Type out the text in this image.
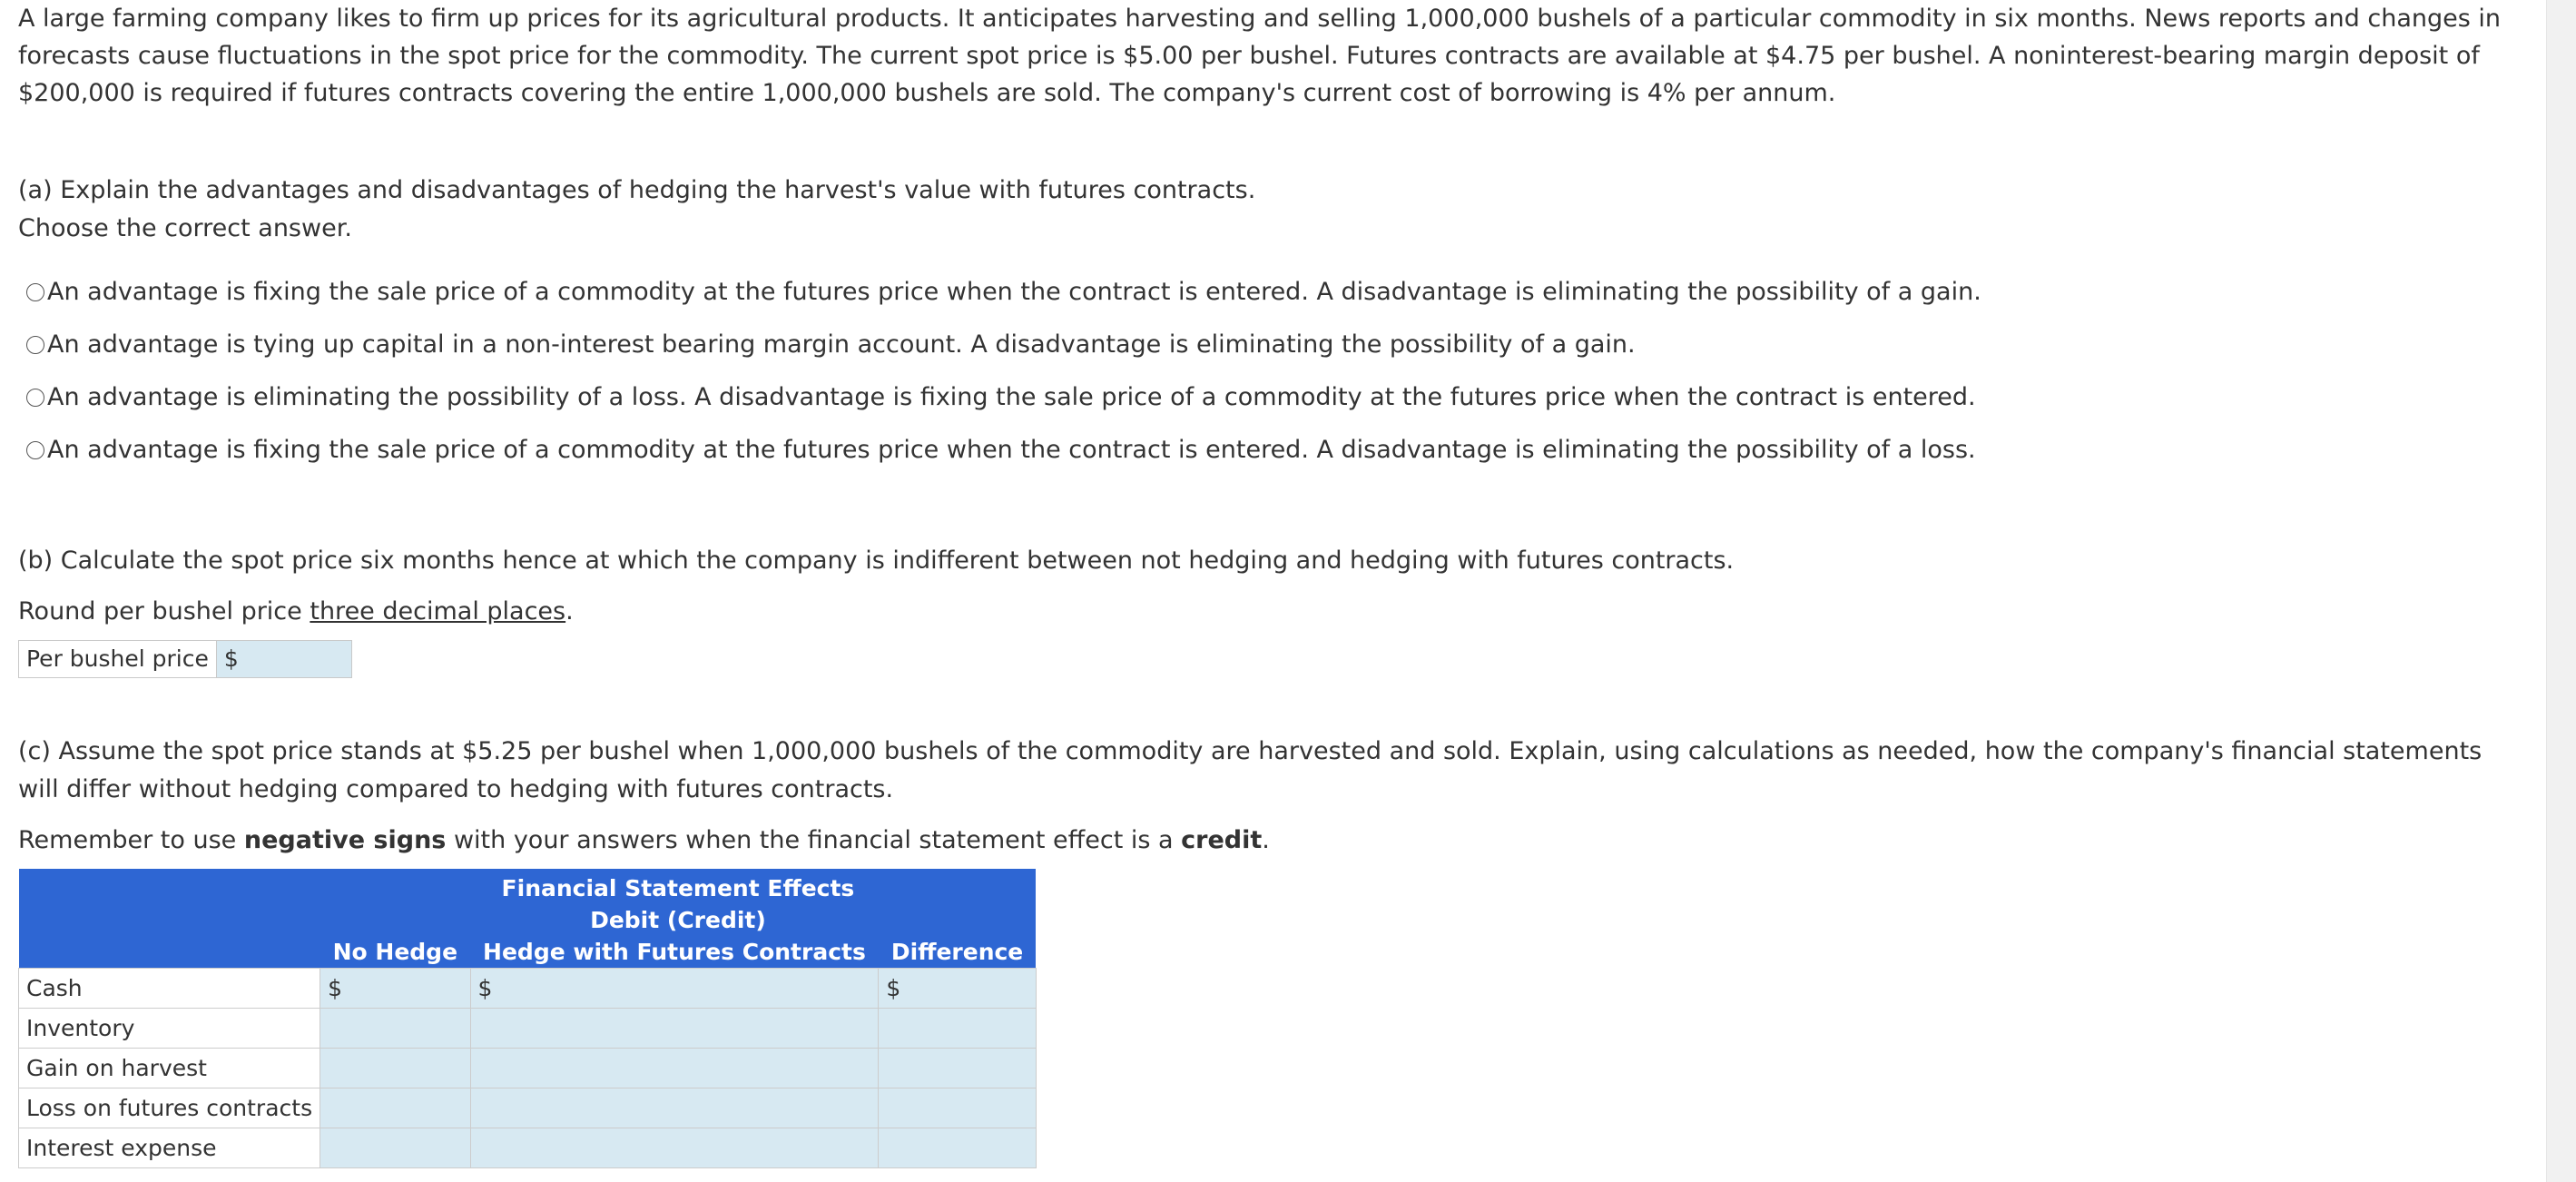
A large farming company likes to firm up prices for its agricultural products. It anticipates harvesting and selling 1,000,000 bushels of a particular commodity in six months. News reports and changes in forecasts cause fluctuations in the spot price for the commodity. The current spot price is $5.00 per bushel. Futures contracts are available at $4.75 per bushel. A noninterest-bearing margin deposit of $200,000 is required if futures contracts covering the entire 1,000,000 bushels are sold. The company's current cost of borrowing is 4% per annum.

(a) Explain the advantages and disadvantages of hedging the harvest's value with futures contracts.

Choose the correct answer.

An advantage is fixing the sale price of a commodity at the futures price when the contract is entered. A disadvantage is eliminating the possibility of a gain.
An advantage is tying up capital in a non-interest bearing margin account. A disadvantage is eliminating the possibility of a gain.
An advantage is eliminating the possibility of a loss. A disadvantage is fixing the sale price of a commodity at the futures price when the contract is entered.
An advantage is fixing the sale price of a commodity at the futures price when the contract is entered. A disadvantage is eliminating the possibility of a loss.

(b) Calculate the spot price six months hence at which the company is indifferent between not hedging and hedging with futures contracts.

Round per bushel price three decimal places.

Per bushel price $

(c) Assume the spot price stands at $5.25 per bushel when 1,000,000 bushels of the commodity are harvested and sold. Explain, using calculations as needed, how the company's financial statements will differ without hedging compared to hedging with futures contracts.

Remember to use negative signs with your answers when the financial statement effect is a credit.

	Financial Statement Effects		
	Debit (Credit)		
	No Hedge	Hedge with Futures Contracts	Difference
Cash	$	$	$
Inventory			
Gain on harvest			
Loss on futures contracts			
Interest expense			
